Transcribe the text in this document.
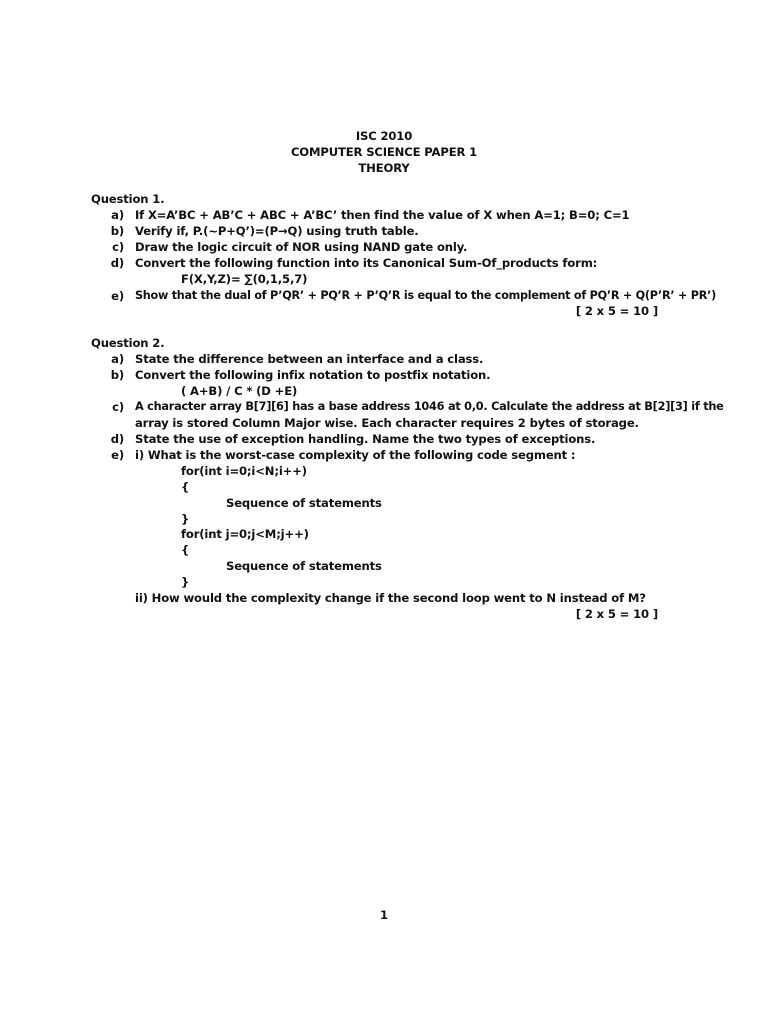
ISC 2010
COMPUTER SCIENCE PAPER 1
THEORY
Question 1.
a) If X=A’BC + AB’C + ABC + A’BC’ then find the value of X when A=1; B=0; C=1
b) Verify if, P.(~P+Q’)=(P→Q) using truth table.
c) Draw the logic circuit of NOR using NAND gate only.
d) Convert the following function into its Canonical Sum-Of_products form:
F(X,Y,Z)= ∑(0,1,5,7)
e) Show that the dual of P’QR’ + PQ’R + P’Q’R is equal to the complement of PQ’R + Q(P’R’ + PR’)
[ 2 x 5 = 10 ]
Question 2.
a) State the difference between an interface and a class.
b) Convert the following infix notation to postfix notation.
( A+B) / C * (D +E)
c) A character array B[7][6] has a base address 1046 at 0,0. Calculate the address at B[2][3] if the
array is stored Column Major wise. Each character requires 2 bytes of storage.
d) State the use of exception handling. Name the two types of exceptions.
e) i) What is the worst-case complexity of the following code segment :
for(int i=0;i<N;i++)
{
Sequence of statements
}
for(int j=0;j<M;j++)
{
Sequence of statements
}
ii) How would the complexity change if the second loop went to N instead of M?
[ 2 x 5 = 10 ]
1
